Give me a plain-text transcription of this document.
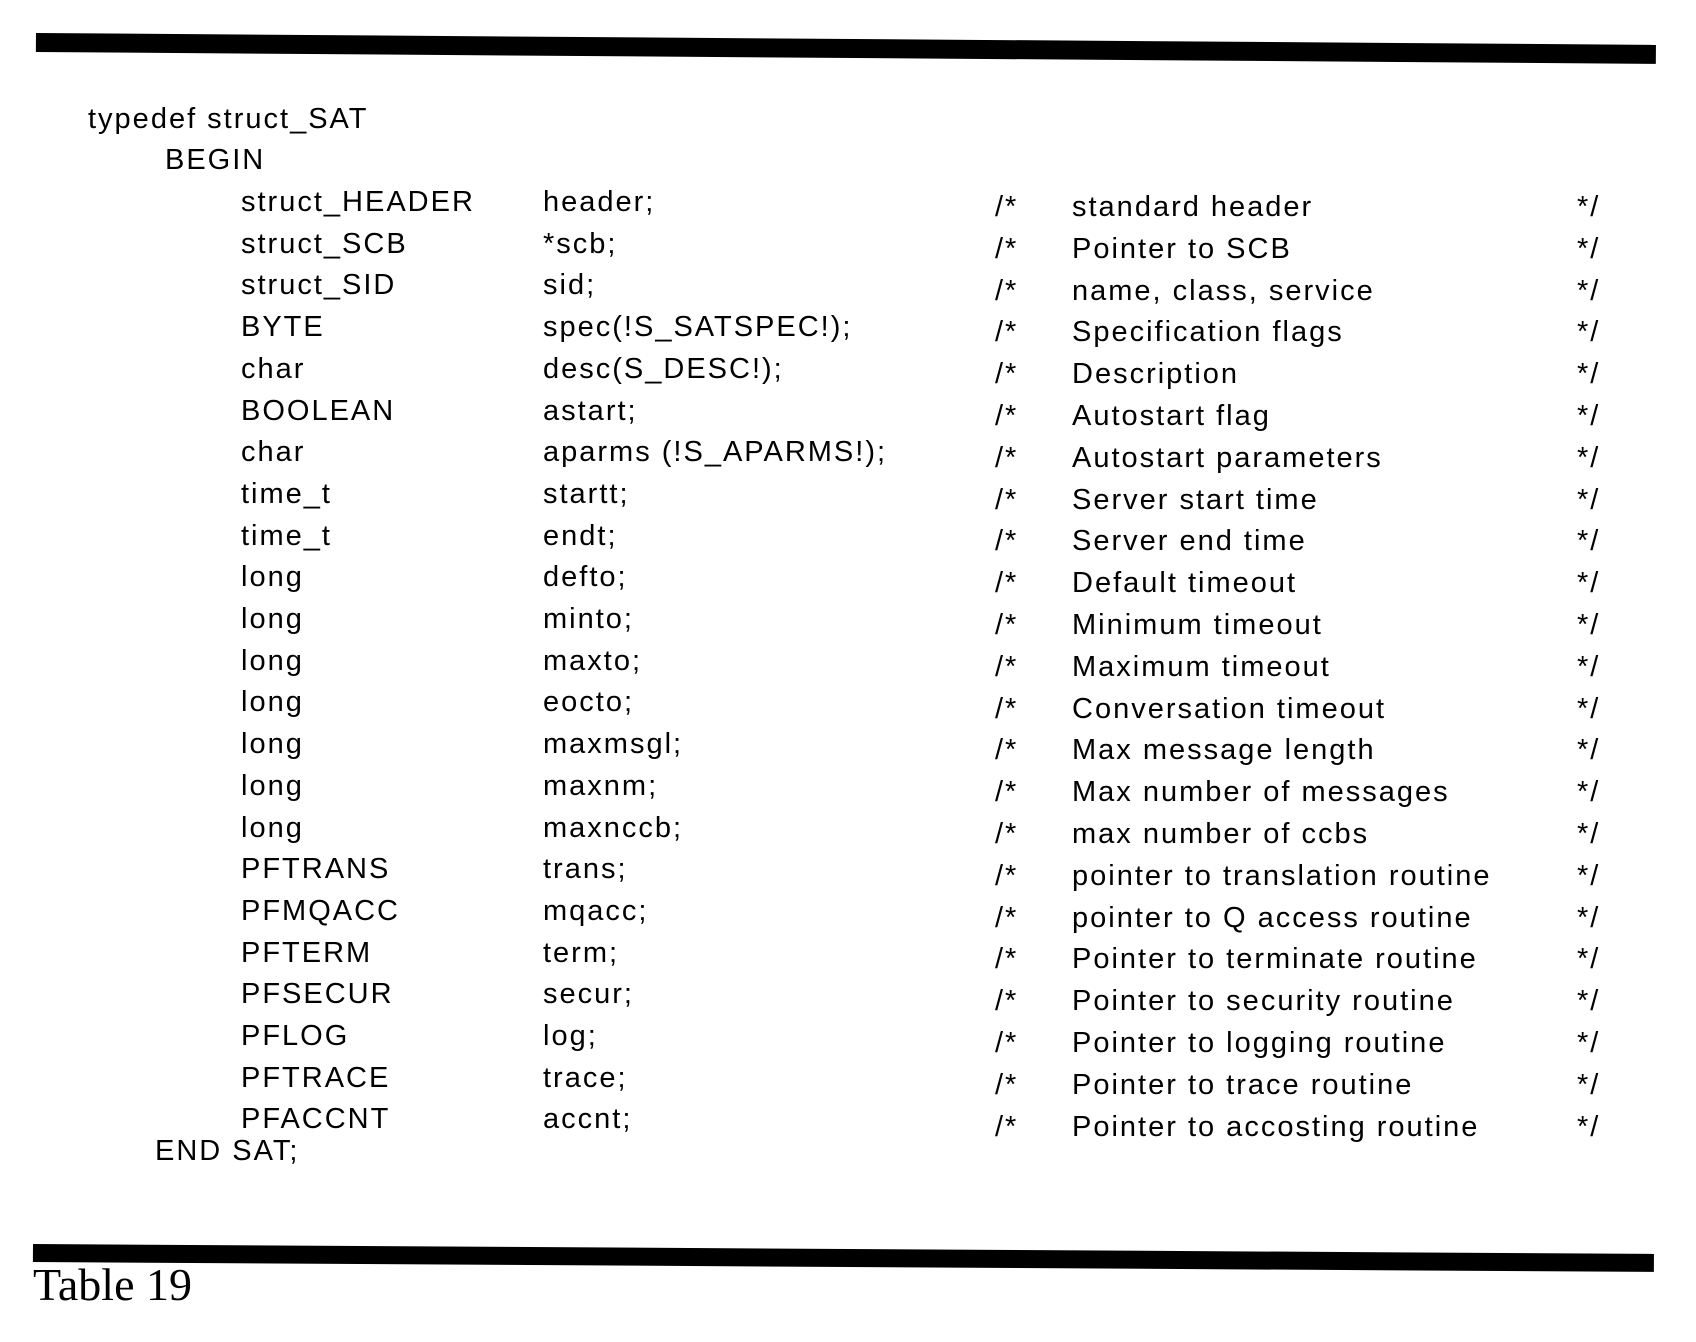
typedef struct_SAT
BEGIN
struct_HEADER header;	/* standard header	*/
struct_SCB	*scb;	/* Pointer to SCB	*/
struct_SID	sid;	/* name, class, service	*/
BYTE	spec(!S_SATSPEC!);	/* Specification flags	*/
char	desc(S_DESC!);	/* Description	*/
BOOLEAN	astart;	/* Autostart flag	*/
char	aparms (!S_APARMS!);	/* Autostart parameters	*/
time_t	startt;	/* Server start time	*/
time_t	endt;	/* Server end time	*/
long	defto;	/* Default timeout	*/
long	minto;	/* Minimum timeout	*/
long	maxto;	/* Maximum timeout	*/
long	eocto;	/* Conversation timeout	*/
long	maxmsgl;	/* Max message length	*/
long	maxnm;	/* Max number of messages	*/
long	maxnccb;	/* max number of ccbs	*/
PFTRANS	trans;	/* pointer to translation routine	*/
PFMQACC	mqacc;	/* pointer to Q access routine	*/
PFTERM	term;	/* Pointer to terminate routine	*/
PFSECUR	secur;	/* Pointer to security routine	*/
PFLOG	log;	/* Pointer to logging routine	*/
PFTRACE	trace;	/* Pointer to trace routine	*/
PFACCNT	accnt;	/* Pointer to accosting routine	*/
END SAT;
Table 19
